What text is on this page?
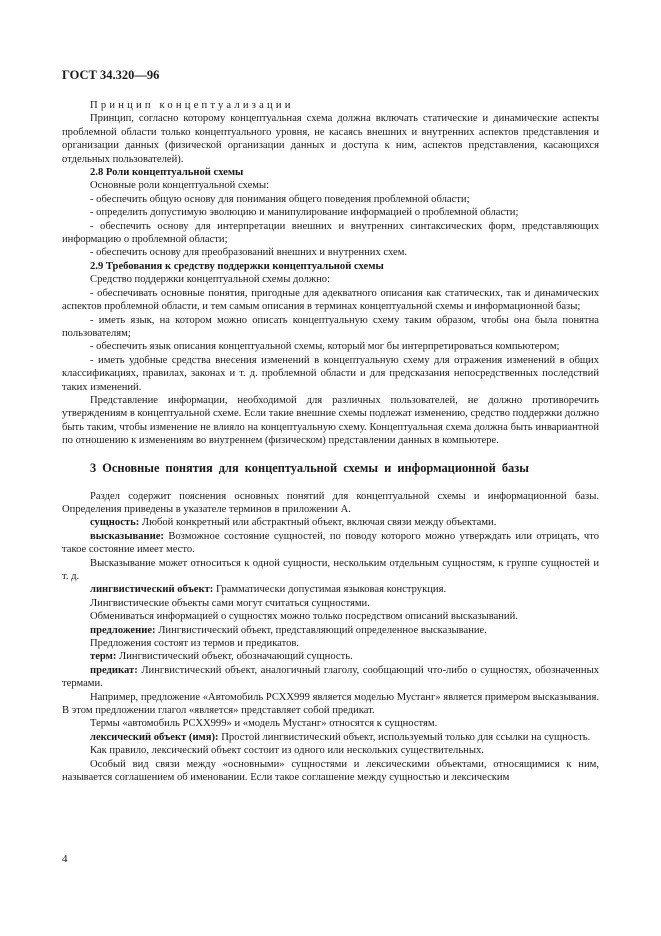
ГОСТ 34.320—96

Принцип концептуализации

Принцип, согласно которому концептуальная схема должна включать статические и динамические аспекты проблемной области только концептуального уровня, не касаясь внешних и внутренних аспектов представления и организации данных (физической организации данных и доступа к ним, аспектов представления, касающихся отдельных пользователей).

2.8 Роли концептуальной схемы

Основные роли концептуальной схемы:

- обеспечить общую основу для понимания общего поведения проблемной области;

- определить допустимую эволюцию и манипулирование информацией о проблемной области;

- обеспечить основу для интерпретации внешних и внутренних синтаксических форм, представляющих информацию о проблемной области;

- обеспечить основу для преобразований внешних и внутренних схем.

2.9 Требования к средству поддержки концептуальной схемы

Средство поддержки концептуальной схемы должно:

- обеспечивать основные понятия, пригодные для адекватного описания как статических, так и динамических аспектов проблемной области, и тем самым описания в терминах концептуальной схемы и информационной базы;

- иметь язык, на котором можно описать концептуальную схему таким образом, чтобы она была понятна пользователям;

- обеспечить язык описания концептуальной схемы, который мог бы интерпретироваться компьютером;

- иметь удобные средства внесения изменений в концептуальную схему для отражения изменений в общих классификациях, правилах, законах и т. д. проблемной области и для предсказания непосредственных последствий таких изменений.

Представление информации, необходимой для различных пользователей, не должно противоречить утверждениям в концептуальной схеме. Если такие внешние схемы подлежат изменению, средство поддержки должно быть таким, чтобы изменение не влияло на концептуальную схему. Концептуальная схема должна быть инвариантной по отношению к изменениям во внутреннем (физическом) представлении данных в компьютере.

3 Основные понятия для концептуальной схемы и информационной базы

Раздел содержит пояснения основных понятий для концептуальной схемы и информационной базы. Определения приведены в указателе терминов в приложении А.

сущность: Любой конкретный или абстрактный объект, включая связи между объектами.

высказывание: Возможное состояние сущностей, по поводу которого можно утверждать или отрицать, что такое состояние имеет место.

Высказывание может относиться к одной сущности, нескольким отдельным сущностям, к группе сущностей и т. д.

лингвистический объект: Грамматически допустимая языковая конструкция.

Лингвистические объекты сами могут считаться сущностями.

Обмениваться информацией о сущностях можно только посредством описаний высказываний.

предложение: Лингвистический объект, представляющий определенное высказывание.

Предложения состоят из термов и предикатов.

терм: Лингвистический объект, обозначающий сущность.

предикат: Лингвистический объект, аналогичный глаголу, сообщающий что-либо о сущностях, обозначенных термами.

Например, предложение «Автомобиль РСХХ999 является моделью Мустанг» является примером высказывания. В этом предложении глагол «является» представляет собой предикат.

Термы «автомобиль РСХХ999» и «модель Мустанг» относятся к сущностям.

лексический объект (имя): Простой лингвистический объект, используемый только для ссылки на сущность.

Как правило, лексический объект состоит из одного или нескольких существительных.

Особый вид связи между «основными» сущностями и лексическими объектами, относящимися к ним, называется соглашением об именовании. Если такое соглашение между сущностью и лексическим

4
